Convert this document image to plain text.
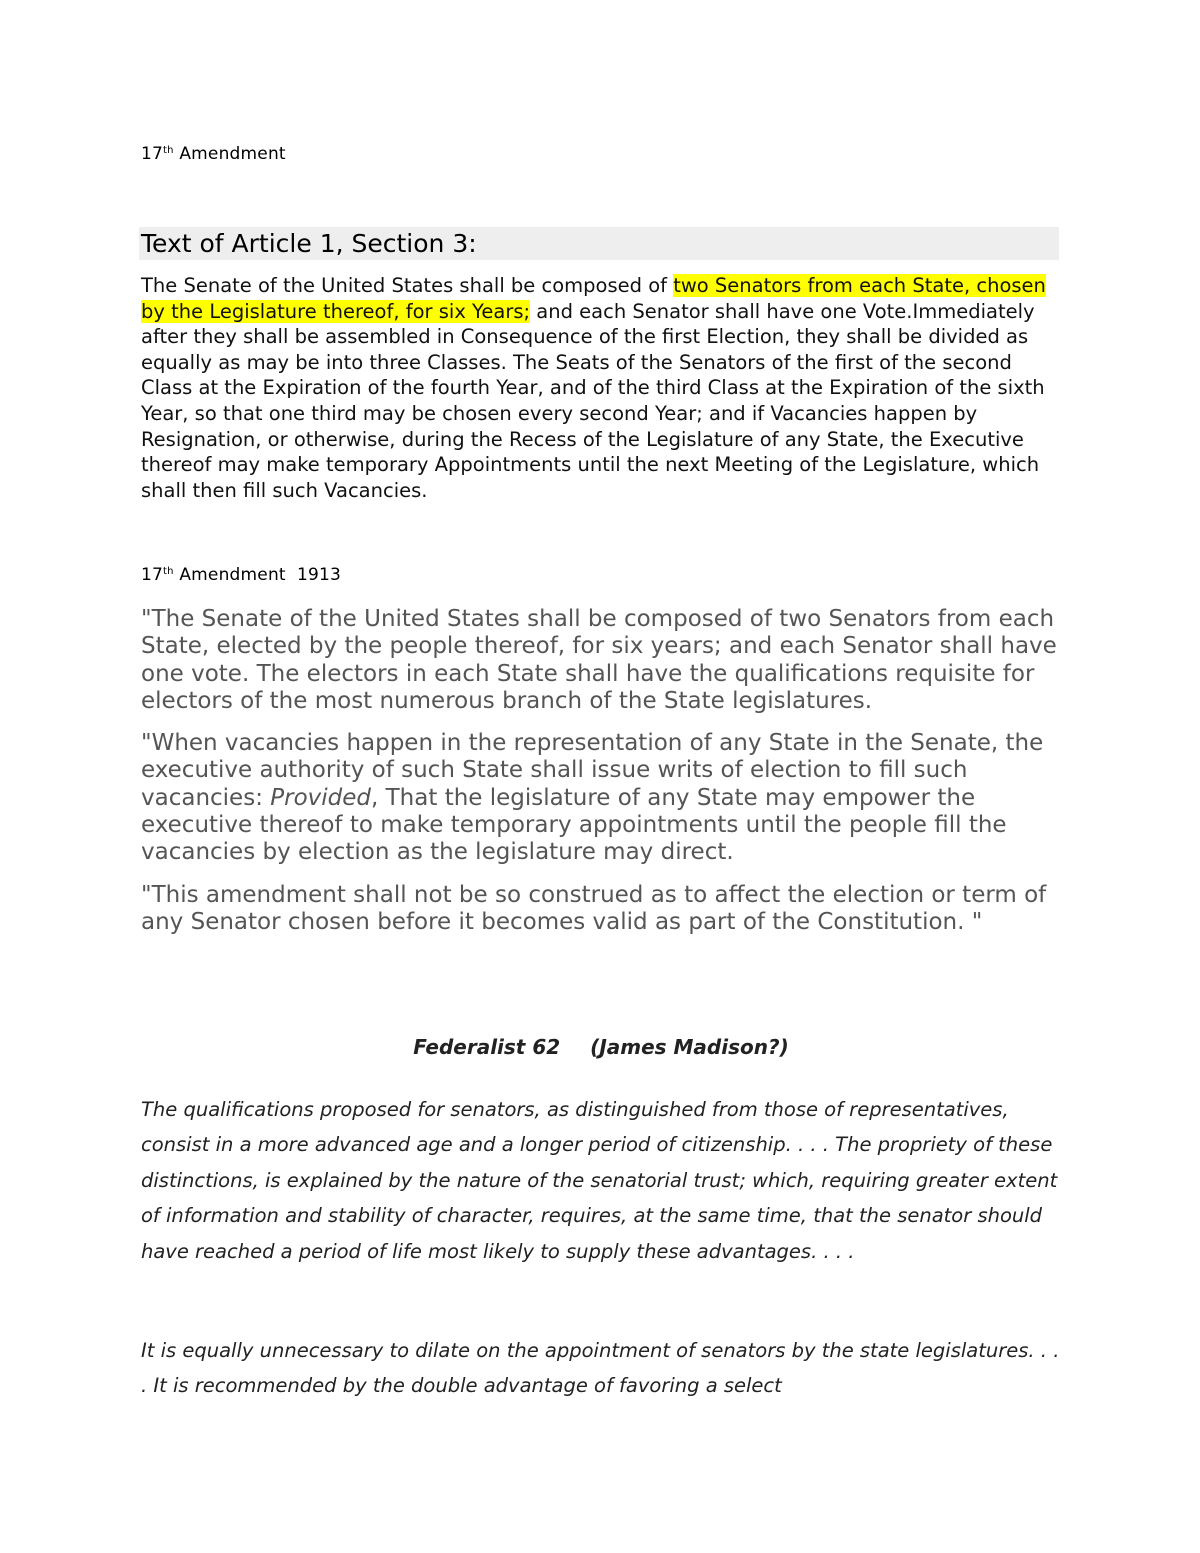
17th Amendment
Text of Article 1, Section 3:
The Senate of the United States shall be composed of two Senators from each State, chosen by the Legislature thereof, for six Years; and each Senator shall have one Vote.Immediately after they shall be assembled in Consequence of the first Election, they shall be divided as equally as may be into three Classes. The Seats of the Senators of the first of the second Class at the Expiration of the fourth Year, and of the third Class at the Expiration of the sixth Year, so that one third may be chosen every second Year; and if Vacancies happen by Resignation, or otherwise, during the Recess of the Legislature of any State, the Executive thereof may make temporary Appointments until the next Meeting of the Legislature, which shall then fill such Vacancies.
17th Amendment  1913

"The Senate of the United States shall be composed of two Senators from each State, elected by the people thereof, for six years; and each Senator shall have one vote. The electors in each State shall have the qualifications requisite for electors of the most numerous branch of the State legislatures.

"When vacancies happen in the representation of any State in the Senate, the executive authority of such State shall issue writs of election to fill such vacancies: Provided, That the legislature of any State may empower the executive thereof to make temporary appointments until the people fill the vacancies by election as the legislature may direct.

"This amendment shall not be so construed as to affect the election or term of any Senator chosen before it becomes valid as part of the Constitution. "

Federalist 62 (James Madison?)

The qualifications proposed for senators, as distinguished from those of representatives, consist in a more advanced age and a longer period of citizenship. . . . The propriety of these distinctions, is explained by the nature of the senatorial trust; which, requiring greater extent of information and stability of character, requires, at the same time, that the senator should have reached a period of life most likely to supply these advantages. . . .

It is equally unnecessary to dilate on the appointment of senators by the state legislatures. . . . It is recommended by the double advantage of favoring a select
